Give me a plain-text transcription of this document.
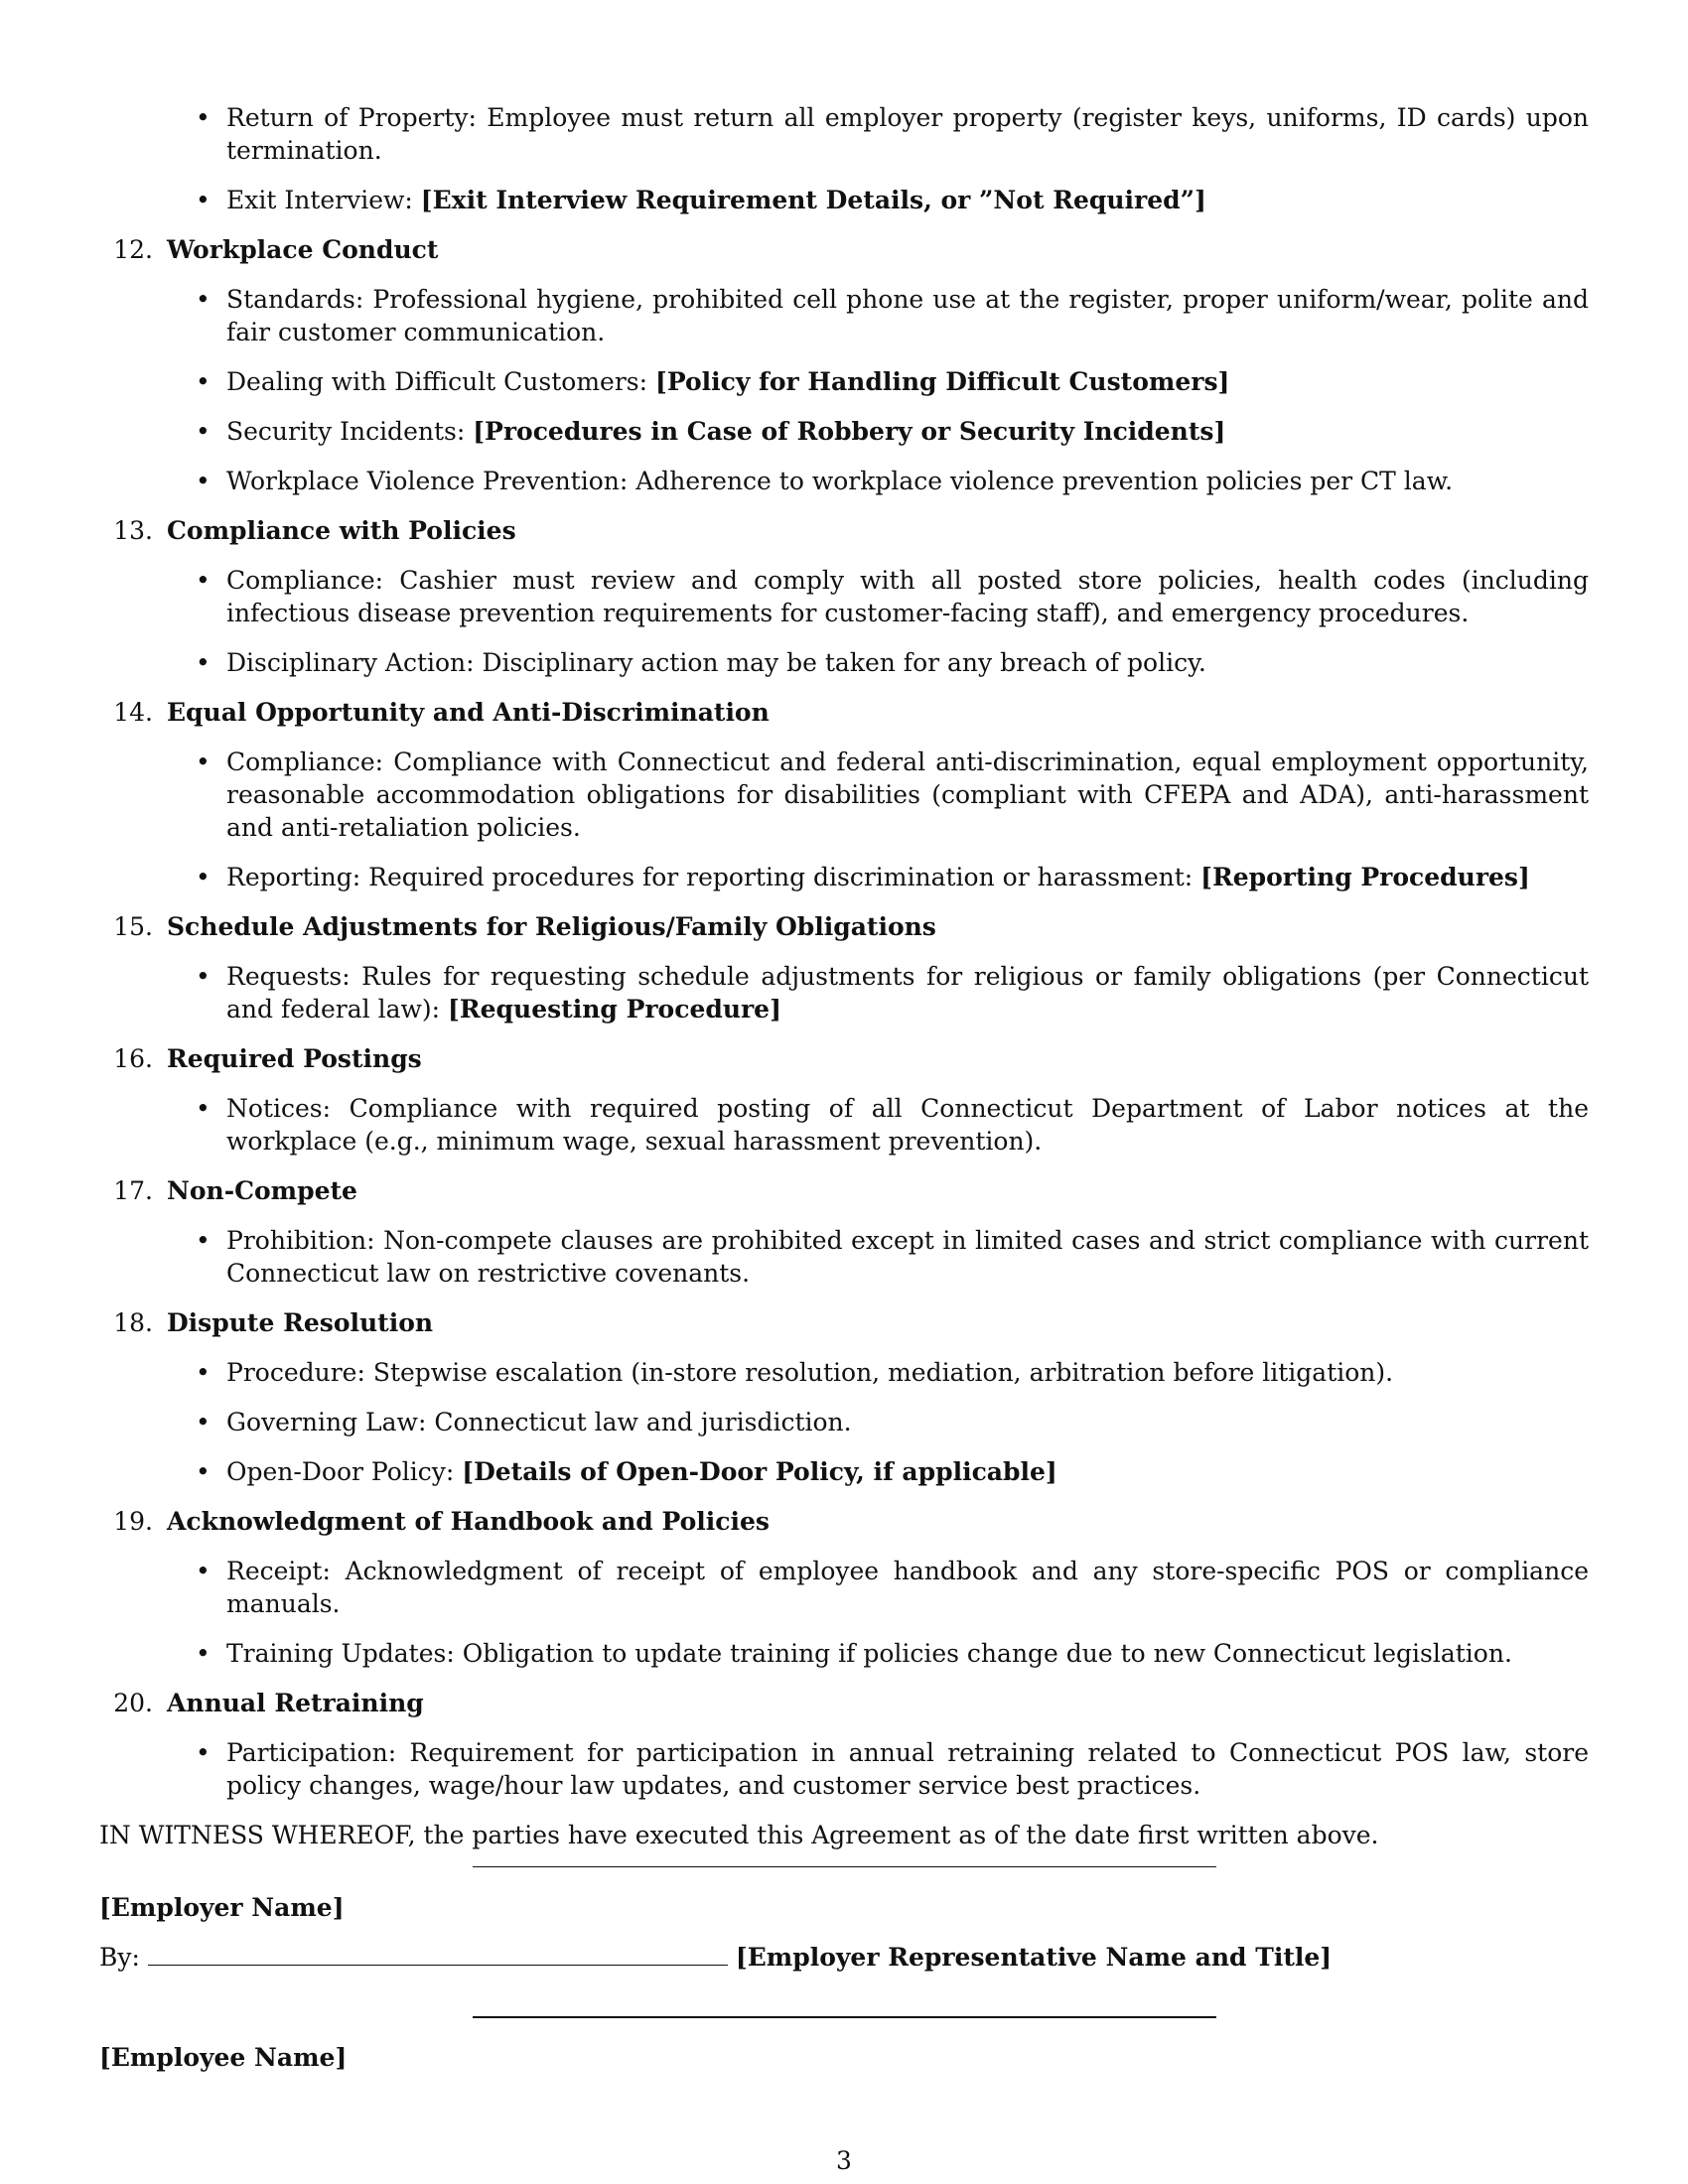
• Return of Property: Employee must return all employer property (register keys, uniforms, ID cards) upon termination.
• Exit Interview: [Exit Interview Requirement Details, or ”Not Required”]
12. Workplace Conduct
• Standards: Professional hygiene, prohibited cell phone use at the register, proper uniform/wear, polite and fair customer communication.
• Dealing with Difficult Customers: [Policy for Handling Difficult Customers]
• Security Incidents: [Procedures in Case of Robbery or Security Incidents]
• Workplace Violence Prevention: Adherence to workplace violence prevention policies per CT law.
13. Compliance with Policies
• Compliance: Cashier must review and comply with all posted store policies, health codes (including infectious disease prevention requirements for customer-facing staff), and emergency procedures.
• Disciplinary Action: Disciplinary action may be taken for any breach of policy.
14. Equal Opportunity and Anti-Discrimination
• Compliance: Compliance with Connecticut and federal anti-discrimination, equal employment opportunity, reasonable accommodation obligations for disabilities (compliant with CFEPA and ADA), anti-harassment and anti-retaliation policies.
• Reporting: Required procedures for reporting discrimination or harassment: [Reporting Procedures]
15. Schedule Adjustments for Religious/Family Obligations
• Requests: Rules for requesting schedule adjustments for religious or family obligations (per Connecticut and federal law): [Requesting Procedure]
16. Required Postings
• Notices: Compliance with required posting of all Connecticut Department of Labor notices at the workplace (e.g., minimum wage, sexual harassment prevention).
17. Non-Compete
• Prohibition: Non-compete clauses are prohibited except in limited cases and strict compliance with current Connecticut law on restrictive covenants.
18. Dispute Resolution
• Procedure: Stepwise escalation (in-store resolution, mediation, arbitration before litigation).
• Governing Law: Connecticut law and jurisdiction.
• Open-Door Policy: [Details of Open-Door Policy, if applicable]
19. Acknowledgment of Handbook and Policies
• Receipt: Acknowledgment of receipt of employee handbook and any store-specific POS or compliance manuals.
• Training Updates: Obligation to update training if policies change due to new Connecticut legislation.
20. Annual Retraining
• Participation: Requirement for participation in annual retraining related to Connecticut POS law, store policy changes, wage/hour law updates, and customer service best practices.

IN WITNESS WHEREOF, the parties have executed this Agreement as of the date first written above.

[Employer Name]
By:	[Employer Representative Name and Title]
[Employee Name]
3
